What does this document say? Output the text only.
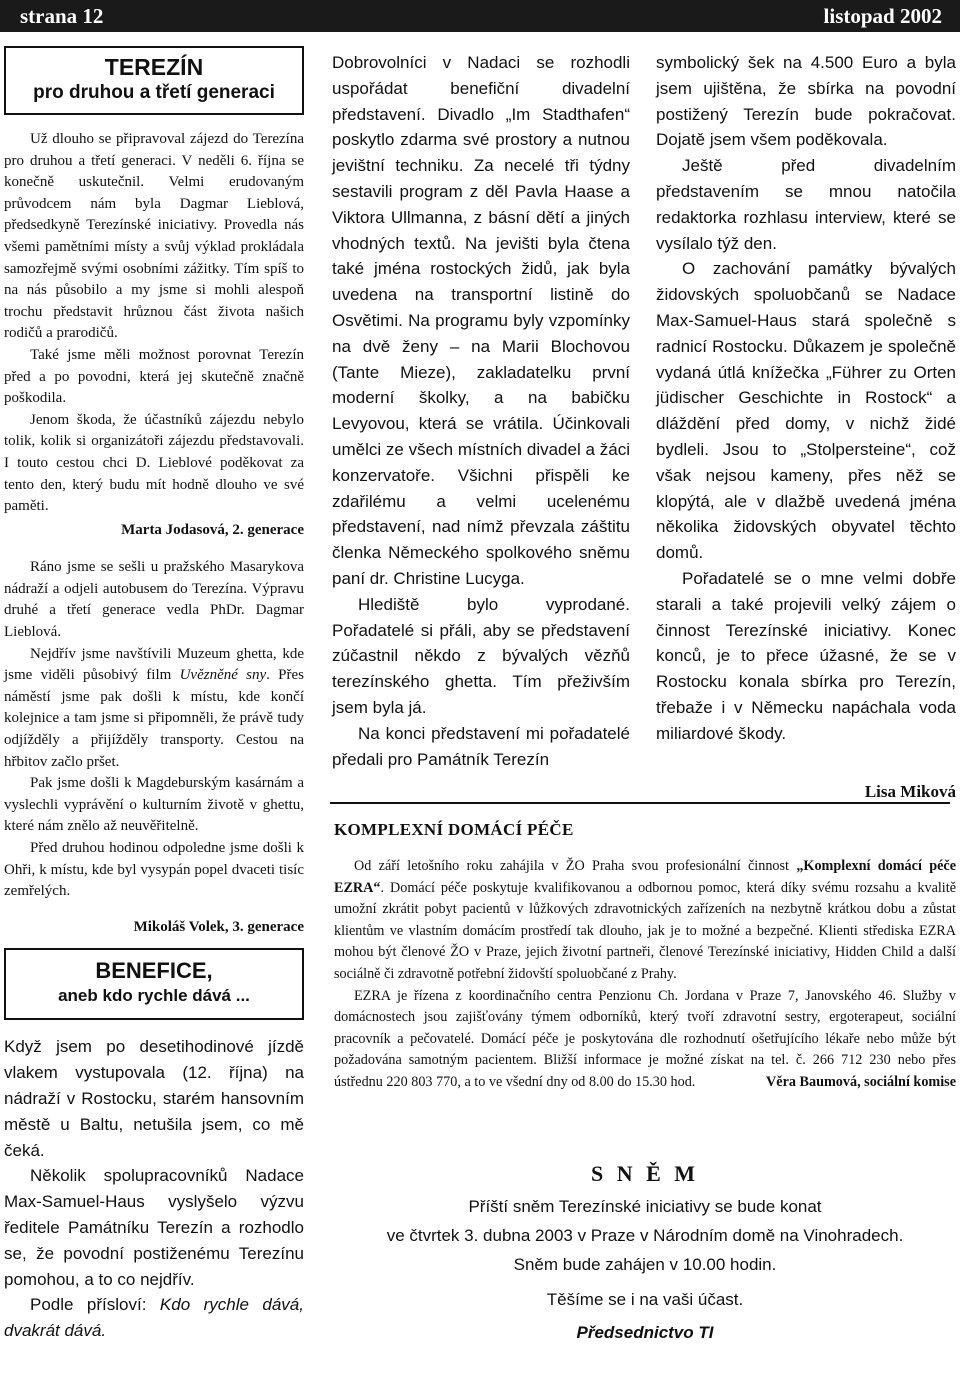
strana 12	listopad 2002
TEREZÍN
pro druhou a třetí generaci

Už dlouho se připravoval zájezd do Terezína pro druhou a třetí generaci. V neděli 6. října se konečně uskutečnil. Velmi erudovaným průvodcem nám byla Dagmar Lieblová, předsedkyně Terezínské iniciativy. Provedla nás všemi pamětními místy a svůj výklad prokládala samozřejmě svými osobními zážitky. Tím spíš to na nás působilo a my jsme si mohli alespoň trochu představit hrůznou část života našich rodičů a prarodičů.

Také jsme měli možnost porovnat Terezín před a po povodni, která jej skutečně značně poškodila.

Jenom škoda, že účastníků zájezdu nebylo tolik, kolik si organizátoři zájezdu představovali. I touto cestou chci D. Lieblové poděkovat za tento den, který budu mít hodně dlouho ve své paměti.

Marta Jodasová, 2. generace

Ráno jsme se sešli u pražského Masarykova nádraží a odjeli autobusem do Terezína. Výpravu druhé a třetí generace vedla PhDr. Dagmar Lieblová.

Nejdřív jsme navštívili Muzeum ghetta, kde jsme viděli působivý film Uvězněné sny. Přes náměstí jsme pak došli k místu, kde končí kolejnice a tam jsme si připomněli, že právě tudy odjížděly a přijížděly transporty. Cestou na hřbitov začlo pršet.

Pak jsme došli k Magdeburským kasárnám a vyslechli vyprávění o kulturním životě v ghettu, které nám znělo až neuvěřitelně.

Před druhou hodinou odpoledne jsme došli k Ohři, k místu, kde byl vysypán popel dvaceti tisíc zemřelých.

Mikoláš Volek, 3. generace

BENEFICE,
aneb kdo rychle dává ...

Když jsem po desetihodinové jízdě vlakem vystupovala (12. října) na nádraží v Rostocku, starém hansovním městě u Baltu, netušila jsem, co mě čeká.

Několik spolupracovníků Nadace Max-Samuel-Haus vyslyšelo výzvu ředitele Památníku Terezín a rozhodlo se, že povodní postiženému Terezínu pomohou, a to co nejdřív.

Podle přísloví: Kdo rychle dává, dvakrát dává.

Dobrovolníci v Nadaci se rozhodli uspořádat benefiční divadelní představení. Divadlo „Im Stadthafen“ poskytlo zdarma své prostory a nutnou jevištní techniku. Za necelé tři týdny sestavili program z děl Pavla Haase a Viktora Ullmanna, z básní dětí a jiných vhodných textů. Na jevišti byla čtena také jména rostockých židů, jak byla uvedena na transportní listině do Osvětimi. Na programu byly vzpomínky na dvě ženy – na Marii Blochovou (Tante Mieze), zakladatelku první moderní školky, a na babičku Levyovou, která se vrátila. Účinkovali umělci ze všech místních divadel a žáci konzervatoře. Všichni přispěli ke zdařilému a velmi ucelenému představení, nad nímž převzala záštitu členka Německého spolkového sněmu paní dr. Christine Lucyga.

Hlediště bylo vyprodané. Pořadatelé si přáli, aby se představení zúčastnil někdo z bývalých vězňů terezínského ghetta. Tím přeživším jsem byla já.

Na konci představení mi pořadatelé předali pro Památník Terezín

symbolický šek na 4.500 Euro a byla jsem ujištěna, že sbírka na povodní postižený Terezín bude pokračovat. Dojatě jsem všem poděkovala.

Ještě před divadelním představením se mnou natočila redaktorka rozhlasu interview, které se vysílalo týž den.

O zachování památky bývalých židovských spoluobčanů se Nadace Max-Samuel-Haus stará společně s radnicí Rostocku. Důkazem je společně vydaná útlá knížečka „Führer zu Orten jüdischer Geschichte in Rostock“ a dláždění před domy, v nichž židé bydleli. Jsou to „Stolpersteine“, což však nejsou kameny, přes něž se klopýtá, ale v dlažbě uvedená jména několika židovských obyvatel těchto domů.

Pořadatelé se o mne velmi dobře starali a také projevili velký zájem o činnost Terezínské iniciativy. Konec konců, je to přece úžasné, že se v Rostocku konala sbírka pro Terezín, třebaže i v Německu napáchala voda miliardové škody.

Lisa Miková
KOMPLEXNÍ DOMÁCÍ PÉČE

Od září letošního roku zahájila v ŽO Praha svou profesionální činnost „Komplexní domácí péče EZRA“. Domácí péče poskytuje kvalifikovanou a odbornou pomoc, která díky svému rozsahu a kvalitě umožní zkrátit pobyt pacientů v lůžkových zdravotnických zařízeních na nezbytně krátkou dobu a zůstat klientům ve vlastním domácím prostředí tak dlouho, jak je to možné a bezpečné. Klienti střediska EZRA mohou být členové ŽO v Praze, jejich životní partneři, členové Terezínské iniciativy, Hidden Child a další sociálně či zdravotně potřební židovští spoluobčané z Prahy.

EZRA je řízena z koordinačního centra Penzionu Ch. Jordana v Praze 7, Janovského 46. Služby v domácnostech jsou zajišťovány týmem odborníků, který tvoří zdravotní sestry, ergoterapeut, sociální pracovník a pečovatelé. Domácí péče je poskytována dle rozhodnutí ošetřujícího lékaře nebo může být požadována samotným pacientem. Bližší informace je možné získat na tel. č. 266 712 230 nebo přes ústřednu 220 803 770, a to ve všední dny od 8.00 do 15.30 hod.	Věra Baumová, sociální komise

S N Ě M
Příští sněm Terezínské iniciativy se bude konat
ve čtvrtek 3. dubna 2003 v Praze v Národním domě na Vinohradech.
Sněm bude zahájen v 10.00 hodin.
Těšíme se i na vaši účast.
Předsednictvo TI
